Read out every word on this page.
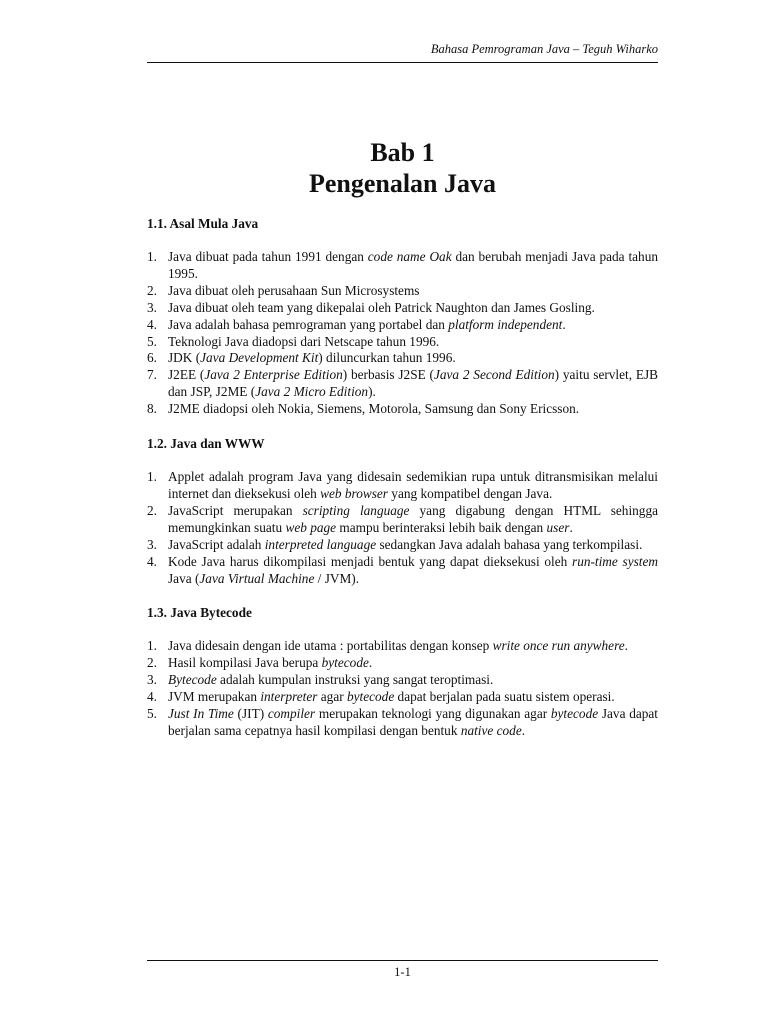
Bahasa Pemrograman Java – Teguh Wiharko
Bab 1
Pengenalan Java
1.1. Asal Mula Java
1. Java dibuat pada tahun 1991 dengan code name Oak dan berubah menjadi Java pada tahun 1995.
2. Java dibuat oleh perusahaan Sun Microsystems
3. Java dibuat oleh team yang dikepalai oleh Patrick Naughton dan James Gosling.
4. Java adalah bahasa pemrograman yang portabel dan platform independent.
5. Teknologi Java diadopsi dari Netscape tahun 1996.
6. JDK (Java Development Kit) diluncurkan tahun 1996.
7. J2EE (Java 2 Enterprise Edition) berbasis J2SE (Java 2 Second Edition) yaitu servlet, EJB dan JSP, J2ME (Java 2 Micro Edition).
8. J2ME diadopsi oleh Nokia, Siemens, Motorola, Samsung dan Sony Ericsson.
1.2. Java dan WWW
1. Applet adalah program Java yang didesain sedemikian rupa untuk ditransmisikan melalui internet dan dieksekusi oleh web browser yang kompatibel dengan Java.
2. JavaScript merupakan scripting language yang digabung dengan HTML sehingga memungkinkan suatu web page mampu berinteraksi lebih baik dengan user.
3. JavaScript adalah interpreted language sedangkan Java adalah bahasa yang terkompilasi.
4. Kode Java harus dikompilasi menjadi bentuk yang dapat dieksekusi oleh run-time system Java (Java Virtual Machine / JVM).
1.3. Java Bytecode
1. Java didesain dengan ide utama : portabilitas dengan konsep write once run anywhere.
2. Hasil kompilasi Java berupa bytecode.
3. Bytecode adalah kumpulan instruksi yang sangat teroptimasi.
4. JVM merupakan interpreter agar bytecode dapat berjalan pada suatu sistem operasi.
5. Just In Time (JIT) compiler merupakan teknologi yang digunakan agar bytecode Java dapat berjalan sama cepatnya hasil kompilasi dengan bentuk native code.
1-1
